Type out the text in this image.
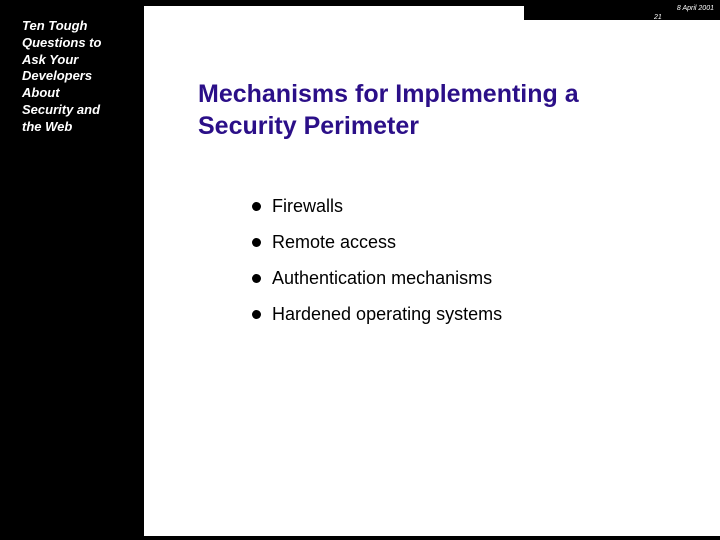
Ten Tough
Questions to
Ask Your
Developers
About
Security and
the Web
8 April 2001
21
Mechanisms for Implementing a Security Perimeter
Firewalls
Remote access
Authentication mechanisms
Hardened operating systems
